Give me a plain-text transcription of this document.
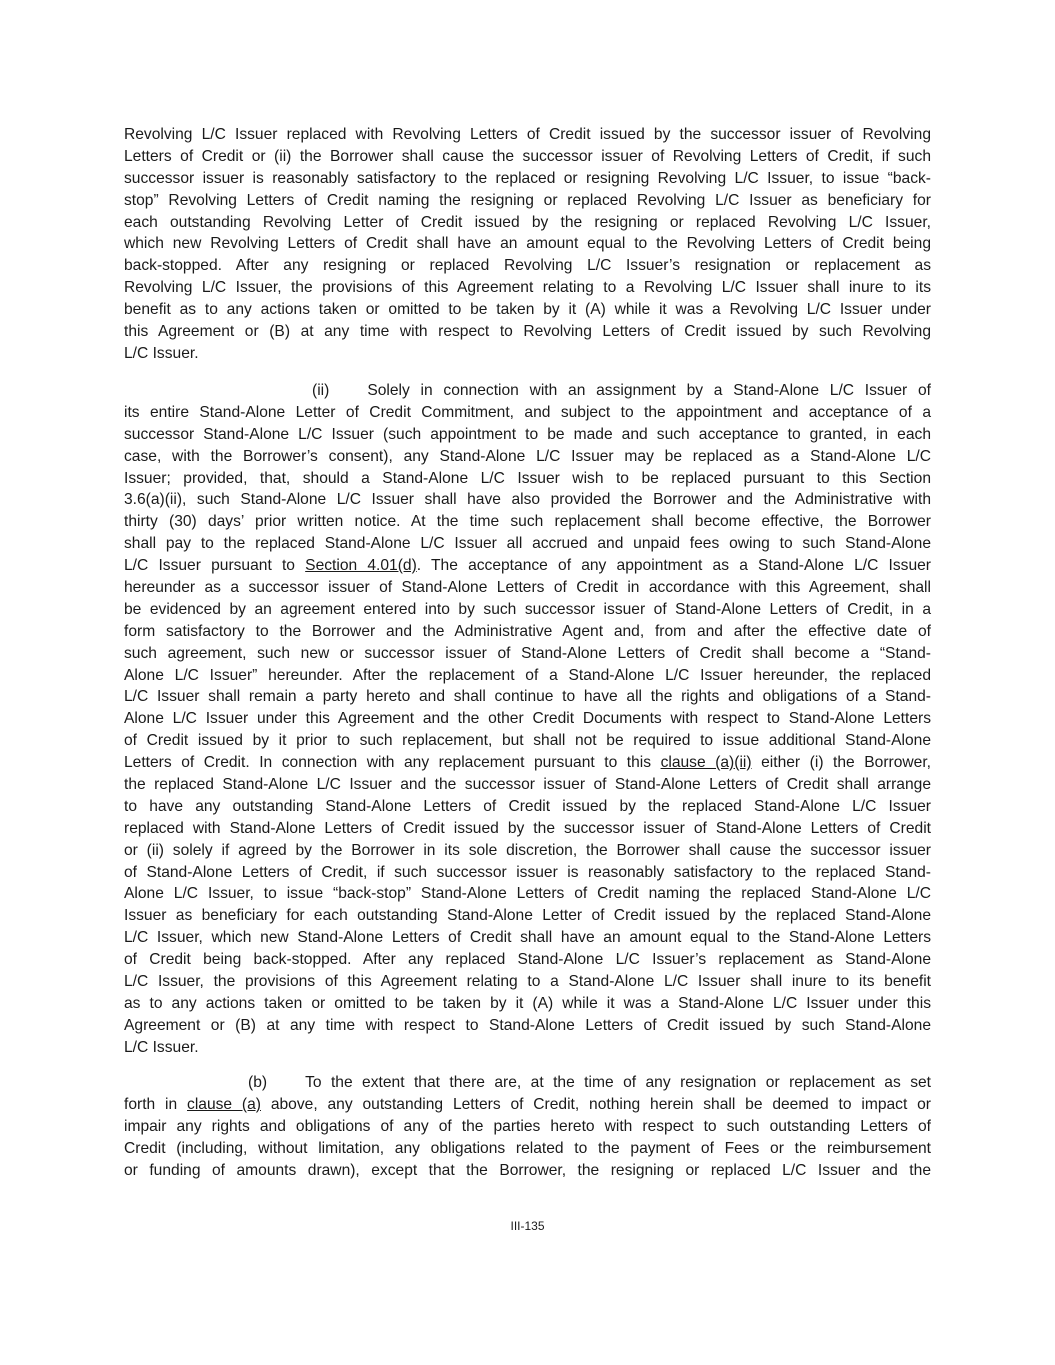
Revolving L/C Issuer replaced with Revolving Letters of Credit issued by the successor issuer of Revolving
Letters of Credit or (ii) the Borrower shall cause the successor issuer of Revolving Letters of Credit, if such
successor issuer is reasonably satisfactory to the replaced or resigning Revolving L/C Issuer, to issue “back-
stop” Revolving Letters of Credit naming the resigning or replaced Revolving L/C Issuer as beneficiary for
each outstanding Revolving Letter of Credit issued by the resigning or replaced Revolving L/C Issuer,
which new Revolving Letters of Credit shall have an amount equal to the Revolving Letters of Credit being
back-stopped. After any resigning or replaced Revolving L/C Issuer’s resignation or replacement as
Revolving L/C Issuer, the provisions of this Agreement relating to a Revolving L/C Issuer shall inure to its
benefit as to any actions taken or omitted to be taken by it (A) while it was a Revolving L/C Issuer under
this Agreement or (B) at any time with respect to Revolving Letters of Credit issued by such Revolving
L/C Issuer.
(ii) Solely in connection with an assignment by a Stand-Alone L/C Issuer of
its entire Stand-Alone Letter of Credit Commitment, and subject to the appointment and acceptance of a
successor Stand-Alone L/C Issuer (such appointment to be made and such acceptance to granted, in each
case, with the Borrower’s consent), any Stand-Alone L/C Issuer may be replaced as a Stand-Alone L/C
Issuer; provided, that, should a Stand-Alone L/C Issuer wish to be replaced pursuant to this Section
3.6(a)(ii), such Stand-Alone L/C Issuer shall have also provided the Borrower and the Administrative with
thirty (30) days’ prior written notice. At the time such replacement shall become effective, the Borrower
shall pay to the replaced Stand-Alone L/C Issuer all accrued and unpaid fees owing to such Stand-Alone
L/C Issuer pursuant to Section 4.01(d). The acceptance of any appointment as a Stand-Alone L/C Issuer
hereunder as a successor issuer of Stand-Alone Letters of Credit in accordance with this Agreement, shall
be evidenced by an agreement entered into by such successor issuer of Stand-Alone Letters of Credit, in a
form satisfactory to the Borrower and the Administrative Agent and, from and after the effective date of
such agreement, such new or successor issuer of Stand-Alone Letters of Credit shall become a “Stand-
Alone L/C Issuer” hereunder. After the replacement of a Stand-Alone L/C Issuer hereunder, the replaced
L/C Issuer shall remain a party hereto and shall continue to have all the rights and obligations of a Stand-
Alone L/C Issuer under this Agreement and the other Credit Documents with respect to Stand-Alone Letters
of Credit issued by it prior to such replacement, but shall not be required to issue additional Stand-Alone
Letters of Credit. In connection with any replacement pursuant to this clause (a)(ii) either (i) the Borrower,
the replaced Stand-Alone L/C Issuer and the successor issuer of Stand-Alone Letters of Credit shall arrange
to have any outstanding Stand-Alone Letters of Credit issued by the replaced Stand-Alone L/C Issuer
replaced with Stand-Alone Letters of Credit issued by the successor issuer of Stand-Alone Letters of Credit
or (ii) solely if agreed by the Borrower in its sole discretion, the Borrower shall cause the successor issuer
of Stand-Alone Letters of Credit, if such successor issuer is reasonably satisfactory to the replaced Stand-
Alone L/C Issuer, to issue “back-stop” Stand-Alone Letters of Credit naming the replaced Stand-Alone L/C
Issuer as beneficiary for each outstanding Stand-Alone Letter of Credit issued by the replaced Stand-Alone
L/C Issuer, which new Stand-Alone Letters of Credit shall have an amount equal to the Stand-Alone Letters
of Credit being back-stopped. After any replaced Stand-Alone L/C Issuer’s replacement as Stand-Alone
L/C Issuer, the provisions of this Agreement relating to a Stand-Alone L/C Issuer shall inure to its benefit
as to any actions taken or omitted to be taken by it (A) while it was a Stand-Alone L/C Issuer under this
Agreement or (B) at any time with respect to Stand-Alone Letters of Credit issued by such Stand-Alone
L/C Issuer.
(b) To the extent that there are, at the time of any resignation or replacement as set
forth in clause (a) above, any outstanding Letters of Credit, nothing herein shall be deemed to impact or
impair any rights and obligations of any of the parties hereto with respect to such outstanding Letters of
Credit (including, without limitation, any obligations related to the payment of Fees or the reimbursement
or funding of amounts drawn), except that the Borrower, the resigning or replaced L/C Issuer and the
III-135
